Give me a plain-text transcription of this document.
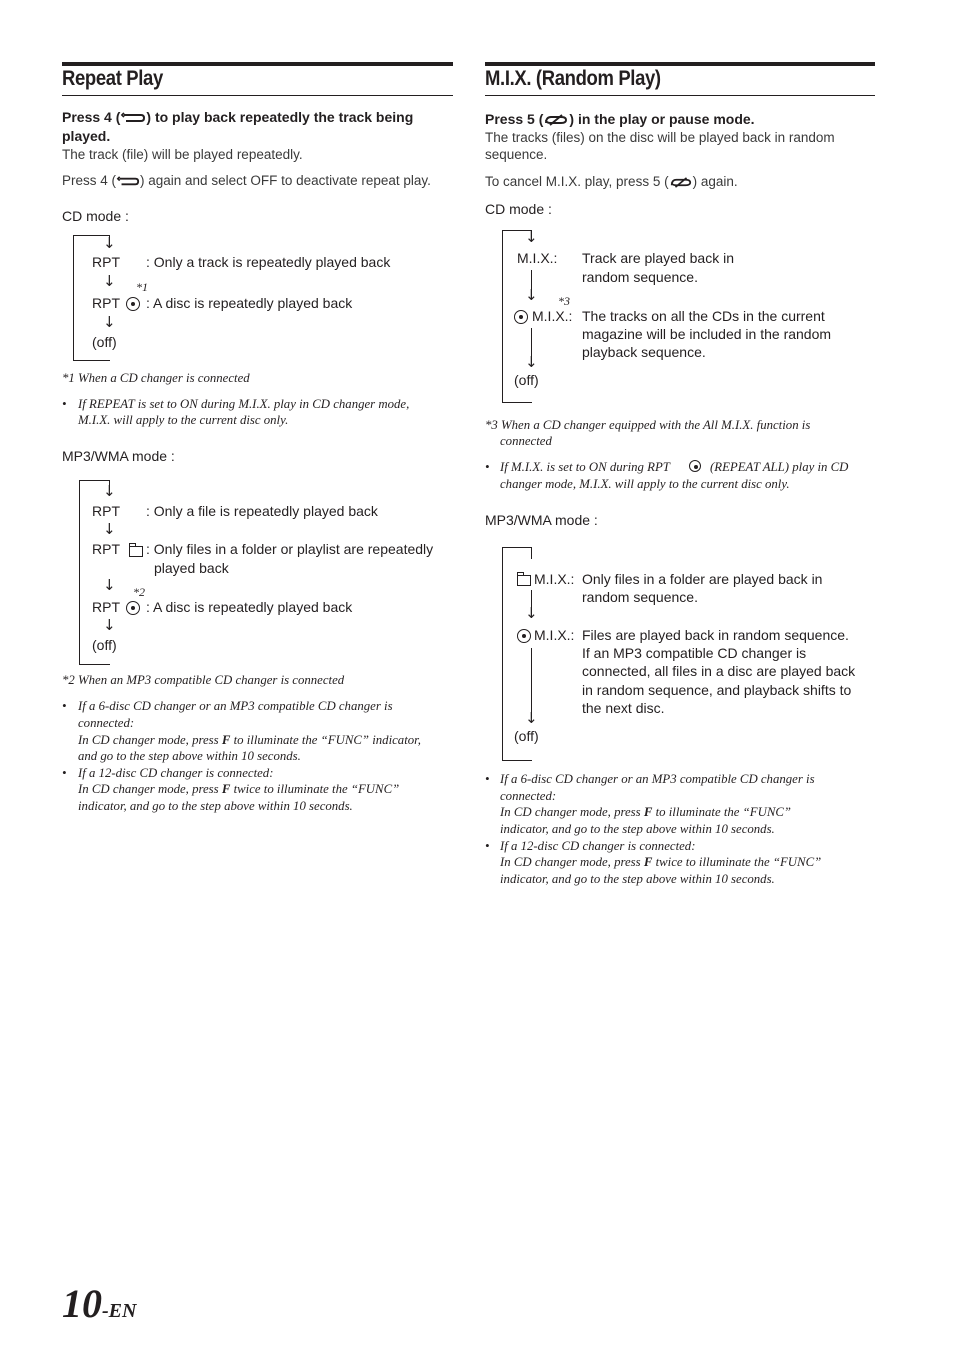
Repeat Play
Press 4 ( ) to play back repeatedly the track being
played.
The track (file) will be played repeatedly.
Press 4 ( ) again and select OFF to deactivate repeat play.
CD mode :
↓
RPT : Only a track is repeatedly played back
↓ *1
RPT : A disc is repeatedly played back
↓
(off)
*1 When a CD changer is connected
• If REPEAT is set to ON during M.I.X. play in CD changer mode,
M.I.X. will apply to the current disc only.
MP3/WMA mode :
↓
RPT : Only a file is repeatedly played back
↓
RPT : Only files in a folder or playlist are repeatedly
played back
↓ *2
RPT : A disc is repeatedly played back
↓
(off)
*2 When an MP3 compatible CD changer is connected
• If a 6-disc CD changer or an MP3 compatible CD changer is
connected:
In CD changer mode, press F to illuminate the “FUNC” indicator,
and go to the step above within 10 seconds.
• If a 12-disc CD changer is connected:
In CD changer mode, press F twice to illuminate the “FUNC”
indicator, and go to the step above within 10 seconds.
M.I.X. (Random Play)
Press 5 ( ) in the play or pause mode.
The tracks (files) on the disc will be played back in random
sequence.
To cancel M.I.X. play, press 5 ( ) again.
CD mode :
↓
M.I.X.: Track are played back in
random sequence.
↓ *3
M.I.X.: The tracks on all the CDs in the current
magazine will be included in the random
playback sequence.
↓
(off)
*3 When a CD changer equipped with the All M.I.X. function is
connected
• If M.I.X. is set to ON during RPT	(REPEAT ALL) play in CD
changer mode, M.I.X. will apply to the current disc only.
MP3/WMA mode :
M.I.X.: Only files in a folder are played back in
random sequence.
↓
M.I.X.: Files are played back in random sequence.
If an MP3 compatible CD changer is
connected, all files in a disc are played back
in random sequence, and playback shifts to
the next disc.
↓
(off)
• If a 6-disc CD changer or an MP3 compatible CD changer is
connected:
In CD changer mode, press F to illuminate the “FUNC”
indicator, and go to the step above within 10 seconds.
• If a 12-disc CD changer is connected:
In CD changer mode, press F twice to illuminate the “FUNC”
indicator, and go to the step above within 10 seconds.
10-EN
